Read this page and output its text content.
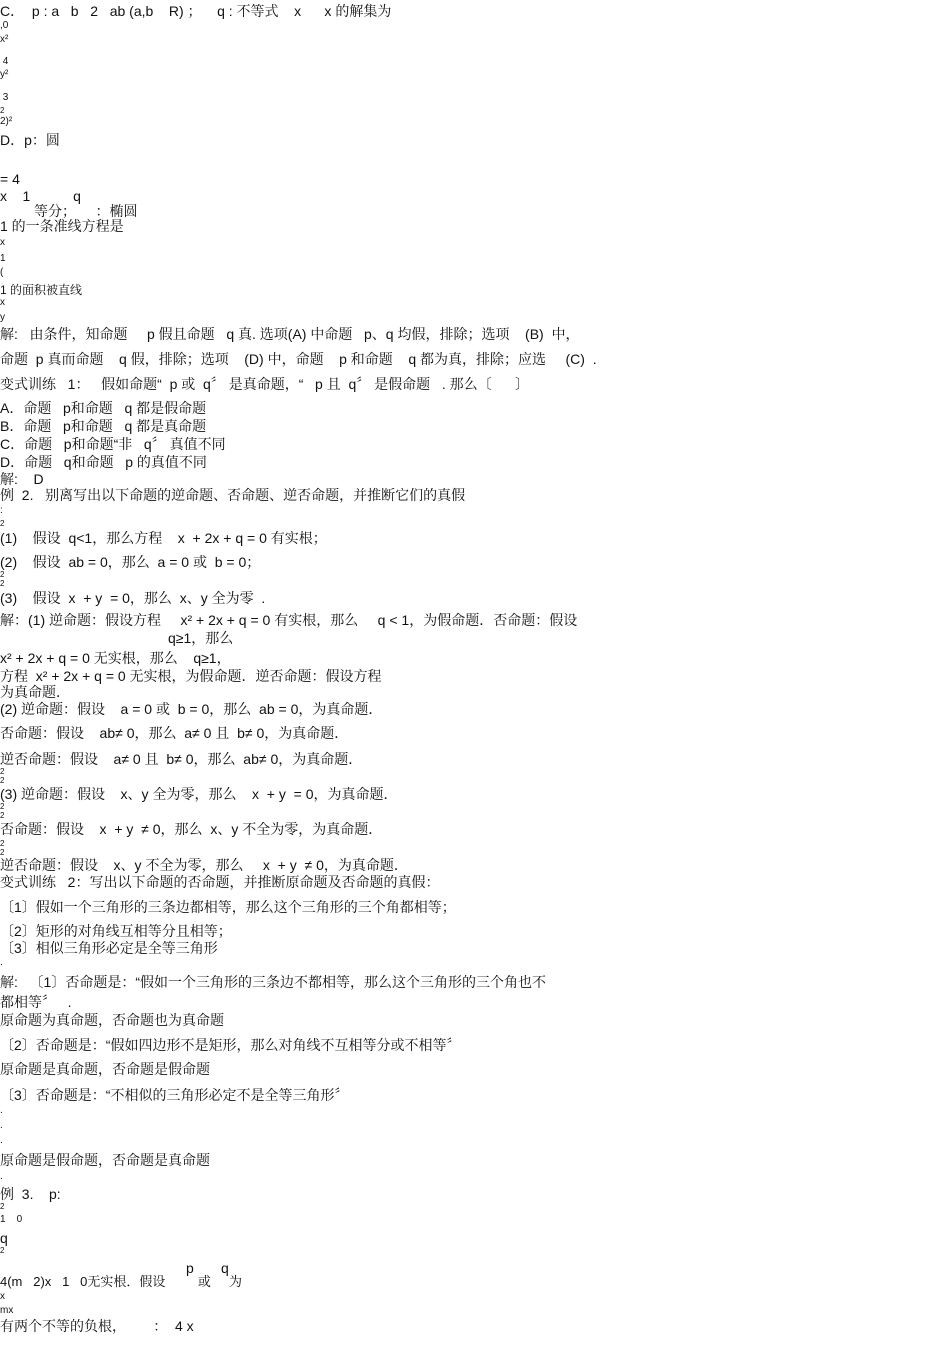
C．  p : a   b   2   ab (a,b    R) ；    q : 不等式    x      x 的解集为
,0
x²
4
y²
3
2
2)²
D．p：圆
= 4
x    1           q
等分；     ：椭圆
1 的一条准线方程是
x
1
(
1 的面积被直线
x
y
解:   由条件，知命题     p 假且命题   q 真. 选项(A) 中命题   p、q 均假，排除；选项    (B)  中，
命题  p 真而命题    q 假，排除；选项    (D) 中，命题    p 和命题    q 都为真，排除；应选     (C)  .
变式训练   1：   假如命题“  p 或  q〞 是真命题，“   p 且  q〞 是假命题   . 那么〔      〕
A．命题   p和命题   q 都是假命题
B．命题   p和命题   q 都是真命题
C．命题   p和命题“非   q〞 真值不同
D．命题   q和命题   p 的真值不同
解:    D
例  2.   别离写出以下命题的逆命题、否命题、逆否命题，并推断它们的真假
:
2
(1)    假设  q<1，那么方程    x  + 2x + q = 0 有实根；
(2)    假设  ab = 0，那么  a = 0 或  b = 0；
2
2
(3)    假设  x  + y  = 0，那么  x、y 全为零  .
解：(1) 逆命题：假设方程     x² + 2x + q = 0 有实根，那么     q < 1，为假命题．否命题：假设
q≥1，那么
x² + 2x + q = 0 无实根，那么    q≥1，
方程  x² + 2x + q = 0 无实根，为假命题．逆否命题：假设方程
为真命题．
(2) 逆命题：假设    a = 0 或  b = 0，那么  ab = 0，为真命题．
否命题：假设    ab≠ 0，那么  a≠ 0 且  b≠ 0，为真命题．
逆否命题：假设    a≠ 0 且  b≠ 0，那么  ab≠ 0，为真命题．
2
2
(3) 逆命题：假设    x、y 全为零，那么    x  + y  = 0，为真命题．
2
2
否命题：假设    x  + y  ≠ 0，那么  x、y 不全为零，为真命题．
2
2
逆否命题：假设    x、y 不全为零，那么     x  + y  ≠ 0，为真命题．
变式训练   2：写出以下命题的否命题，并推断原命题及否命题的真假：
〔1〕假如一个三角形的三条边都相等，那么这个三角形的三个角都相等；
〔2〕矩形的对角线互相等分且相等；
〔3〕相似三角形必定是全等三角形
.
解:   〔1〕否命题是：“假如一个三角形的三条边不都相等，那么这个三角形的三个角也不
都相等〞   .
原命题为真命题，否命题也为真命题
〔2〕否命题是：“假如四边形不是矩形，那么对角线不互相等分或不相等〞
原命题是真命题，否命题是假命题
〔3〕否命题是：“不相似的三角形必定不是全等三角形〞
.
.
.
原命题是假命题，否命题是真命题
.
例  3.    p:
2
1    0
q
2
p       q
4(m   2)x   1   0无实根．假设         或     为
x
mx
有两个不等的负根，       ：  4 x
